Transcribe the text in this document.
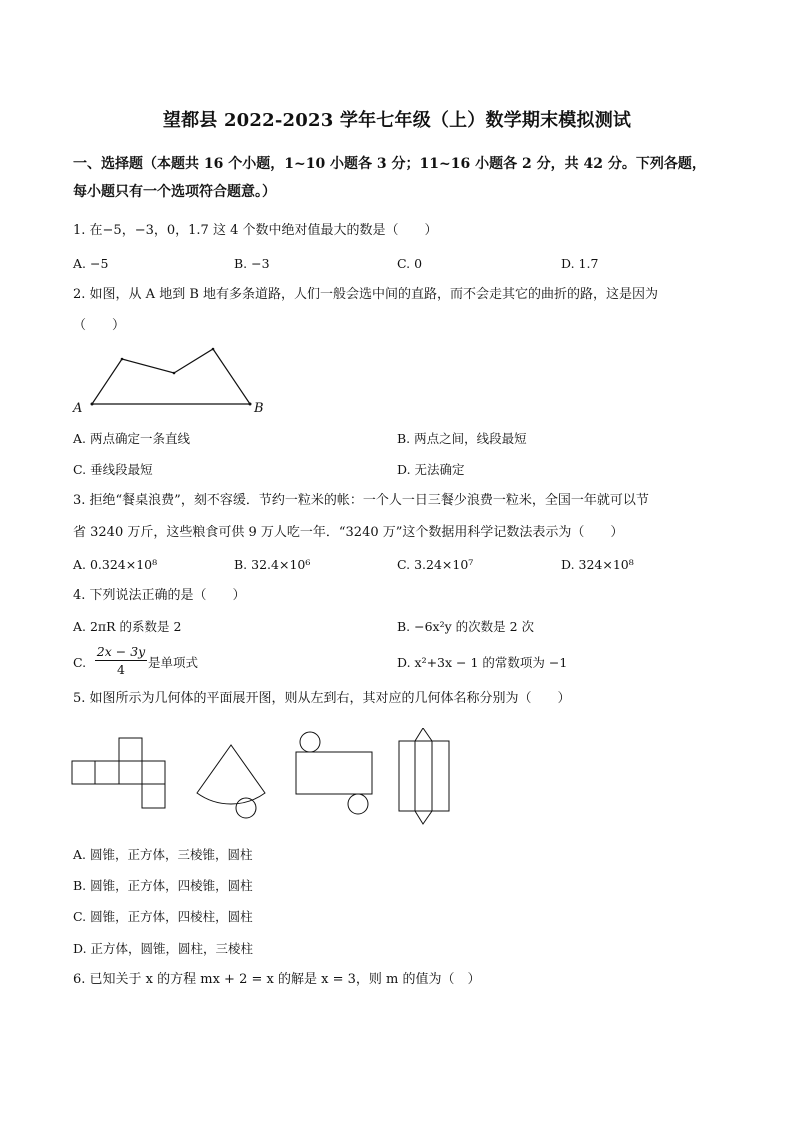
望都县 2022-2023 学年七年级（上）数学期末模拟测试
一、选择题（本题共 16 个小题，1~10 小题各 3 分；11~16 小题各 2 分，共 42 分。下列各题，
每小题只有一个选项符合题意。）
1. 在−5，−3，0，1.7 这 4 个数中绝对值最大的数是（　　）
A. −5	B. −3	C. 0	D. 1.7
2. 如图，从 A 地到 B 地有多条道路，人们一般会选中间的直路，而不会走其它的曲折的路，这是因为
（　　）
A	B
A. 两点确定一条直线	B. 两点之间，线段最短
C. 垂线段最短	D. 无法确定
3. 拒绝“餐桌浪费”，刻不容缓．节约一粒米的帐：一个人一日三餐少浪费一粒米，全国一年就可以节
省 3240 万斤，这些粮食可供 9 万人吃一年．“3240 万”这个数据用科学记数法表示为（　　）
A. 0.324×10⁸	B. 32.4×10⁶	C. 3.24×10⁷	D. 324×10⁸
4. 下列说法正确的是（　　）
A. 2πR 的系数是 2	B. −6x²y 的次数是 2 次
C. $\frac{2x - 3y}{4}$ 是单项式	D. x²+3x − 1 的常数项为 −1
5. 如图所示为几何体的平面展开图，则从左到右，其对应的几何体名称分别为（　　）
A. 圆锥，正方体，三棱锥，圆柱
B. 圆锥，正方体，四棱锥，圆柱
C. 圆锥，正方体，四棱柱，圆柱
D. 正方体，圆锥，圆柱，三棱柱
6. 已知关于 x 的方程 mx + 2 = x 的解是 x = 3，则 m 的值为（　）
